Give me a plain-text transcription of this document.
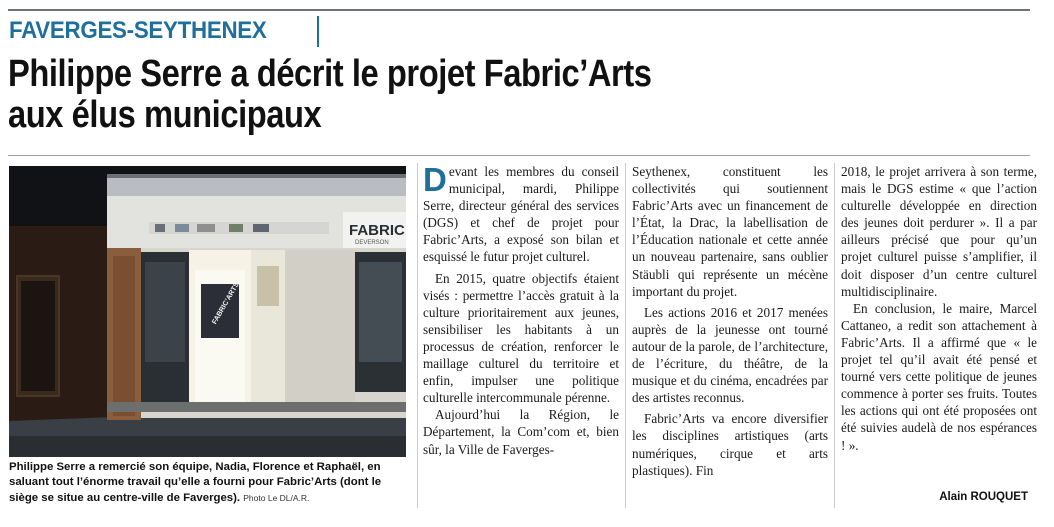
FAVERGES-SEYTHENEX
Philippe Serre a décrit le projet Fabric’Arts
aux élus municipaux
FABRIC
DEVERSON
FABRIC’ARTS
Philippe Serre a remercié son équipe, Nadia, Florence et Raphaël, en saluant tout l’énorme travail qu’elle a fourni pour Fabric’Arts (dont le siège se situe au centre-ville de Faverges). Photo Le DL/A.R.

Devant les membres du conseil municipal, mardi, Philippe Serre, directeur général des services (DGS) et chef de projet pour Fabric’Arts, a exposé son bilan et esquissé le futur projet culturel.

En 2015, quatre objectifs étaient visés : permettre l’accès gratuit à la culture prioritairement aux jeunes, sensibiliser les habitants à un processus de création, renforcer le maillage culturel du territoire et enfin, impulser une politique culturelle intercommunale pérenne.

Aujourd’hui la Région, le Département, la Com’com et, bien sûr, la Ville de Faverges-

Seythenex, constituent les collectivités qui soutiennent Fabric’Arts avec un financement de l’État, la Drac, la labellisation de l’Éducation nationale et cette année un nouveau partenaire, sans oublier Stäubli qui représente un mécène important du projet.

Les actions 2016 et 2017 menées auprès de la jeunesse ont tourné autour de la parole, de l’architecture, de l’écriture, du théâtre, de la musique et du cinéma, encadrées par des artistes reconnus.

Fabric’Arts va encore diversifier les disciplines artistiques (arts numériques, cirque et arts plastiques). Fin

2018, le projet arrivera à son terme, mais le DGS estime « que l’action culturelle développée en direction des jeunes doit perdurer ». Il a par ailleurs précisé que pour qu’un projet culturel puisse s’amplifier, il doit disposer d’un centre culturel multidisciplinaire.

En conclusion, le maire, Marcel Cattaneo, a redit son attachement à Fabric’Arts. Il a affirmé que « le projet tel qu’il avait été pensé et tourné vers cette politique de jeunes commence à porter ses fruits. Toutes les actions qui ont été proposées ont été suivies audelà de nos espérances ! ».

Alain ROUQUET
